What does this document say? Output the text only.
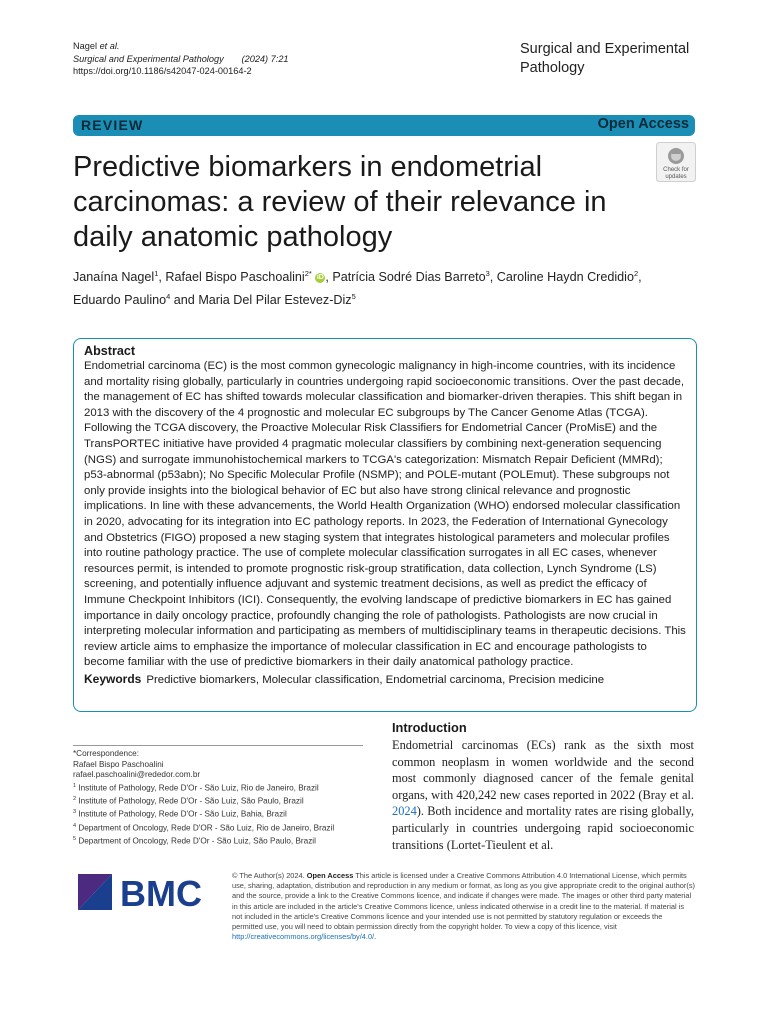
Nagel et al.
Surgical and Experimental Pathology (2024) 7:21
https://doi.org/10.1186/s42047-024-00164-2
Surgical and Experimental
Pathology
REVIEW	Open Access
Predictive biomarkers in endometrial carcinomas: a review of their relevance in daily anatomic pathology
Check for
updates
Janaína Nagel$^1$, Rafael Bispo Paschoalini$^{2*}$ iD , Patrícia Sodré Dias Barreto$^3$, Caroline Haydn Credidio$^2$,
Eduardo Paulino$^4$ and Maria Del Pilar Estevez-Diz$^5$
Abstract

Endometrial carcinoma (EC) is the most common gynecologic malignancy in high-income countries, with its incidence and mortality rising globally, particularly in countries undergoing rapid socioeconomic transitions. Over the past decade, the management of EC has shifted towards molecular classification and biomarker-driven therapies. This shift began in 2013 with the discovery of the 4 prognostic and molecular EC subgroups by The Cancer Genome Atlas (TCGA). Following the TCGA discovery, the Proactive Molecular Risk Classifiers for Endometrial Cancer (ProMisE) and the TransPORTEC initiative have provided 4 pragmatic molecular classifiers by combining next-generation sequencing (NGS) and surrogate immunohistochemical markers to TCGA's categorization: Mismatch Repair Deficient (MMRd); p53-abnormal (p53abn); No Specific Molecular Profile (NSMP); and POLE-mutant (POLEmut). These subgroups not only provide insights into the biological behavior of EC but also have strong clinical relevance and prognostic implications. In line with these advancements, the World Health Organization (WHO) endorsed molecular classification in 2020, advocating for its integration into EC pathology reports. In 2023, the Federation of International Gynecology and Obstetrics (FIGO) proposed a new staging system that integrates histological parameters and molecular profiles into routine pathology practice. The use of complete molecular classification surrogates in all EC cases, whenever resources permit, is intended to promote prognostic risk-group stratification, data collection, Lynch Syndrome (LS) screening, and potentially influence adjuvant and systemic treatment decisions, as well as predict the efficacy of Immune Checkpoint Inhibitors (ICI). Consequently, the evolving landscape of predictive biomarkers in EC has gained importance in daily oncology practice, profoundly changing the role of pathologists. Pathologists are now crucial in interpreting molecular information and participating as members of multidisciplinary teams in therapeutic decisions. This review article aims to emphasize the importance of molecular classification in EC and encourage pathologists to become familiar with the use of predictive biomarkers in their daily anatomical pathology practice.

Keywords Predictive biomarkers, Molecular classification, Endometrial carcinoma, Precision medicine
*Correspondence:
Rafael Bispo Paschoalini
rafael.paschoalini@rededor.com.br
$^1$ Institute of Pathology, Rede D'Or - São Luiz, Rio de Janeiro, Brazil
$^2$ Institute of Pathology, Rede D'Or - São Luiz, São Paulo, Brazil
$^3$ Institute of Pathology, Rede D'Or - São Luiz, Bahia, Brazil
$^4$ Department of Oncology, Rede D'OR - São Luiz, Rio de Janeiro, Brazil
$^5$ Department of Oncology, Rede D'Or - São Luiz, São Paulo, Brazil
Introduction
Endometrial carcinomas (ECs) rank as the sixth most common neoplasm in women worldwide and the second most commonly diagnosed cancer of the female genital organs, with 420,242 new cases reported in 2022 (Bray et al. 2024). Both incidence and mortality rates are rising globally, particularly in countries undergoing rapid socioeconomic transitions (Lortet-Tieulent et al.
BMC	© The Author(s) 2024. Open Access This article is licensed under a Creative Commons Attribution 4.0 International License, which permits use, sharing, adaptation, distribution and reproduction in any medium or format, as long as you give appropriate credit to the original author(s) and the source, provide a link to the Creative Commons licence, and indicate if changes were made. The images or other third party material in this article are included in the article's Creative Commons licence, unless indicated otherwise in a credit line to the material. If material is not included in the article's Creative Commons licence and your intended use is not permitted by statutory regulation or exceeds the permitted use, you will need to obtain permission directly from the copyright holder. To view a copy of this licence, visit http://creativecommons.org/licenses/by/4.0/.
